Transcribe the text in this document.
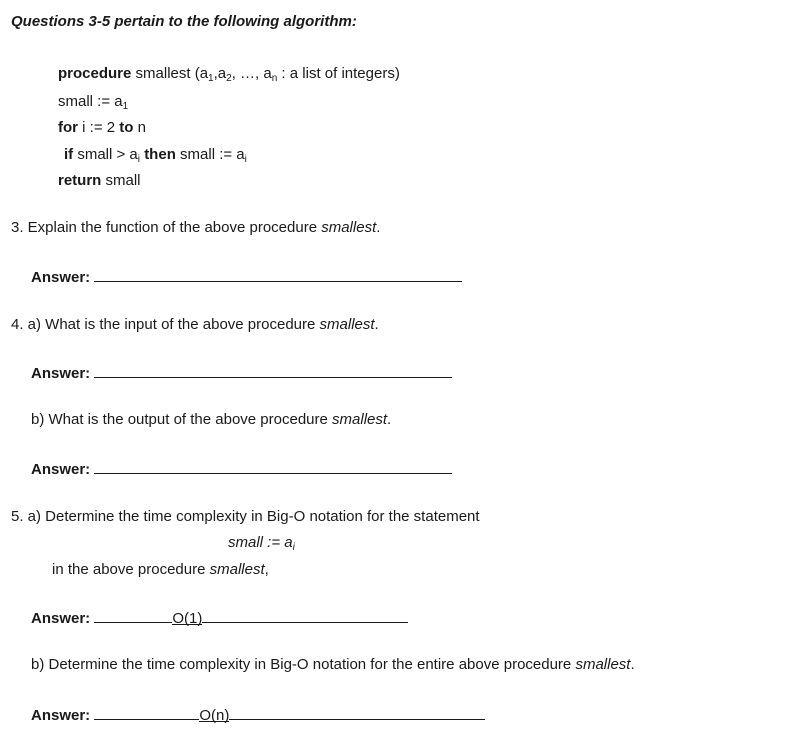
Questions 3-5 pertain to the following algorithm:
procedure smallest ($a_1,a_2$, …, $a_n$ : a list of integers)
small := $a_1$
for i := 2 to n
if small > $a_i$ then small := $a_i$
return small
3. Explain the function of the above procedure smallest.
Answer:
4. a) What is the input of the above procedure smallest.
Answer:
b) What is the output of the above procedure smallest.
Answer:
5. a) Determine the time complexity in Big-O notation for the statement
small := $a_i$
in the above procedure smallest,
Answer:	O(1)
b) Determine the time complexity in Big-O notation for the entire above procedure smallest.
Answer:	O(n)
